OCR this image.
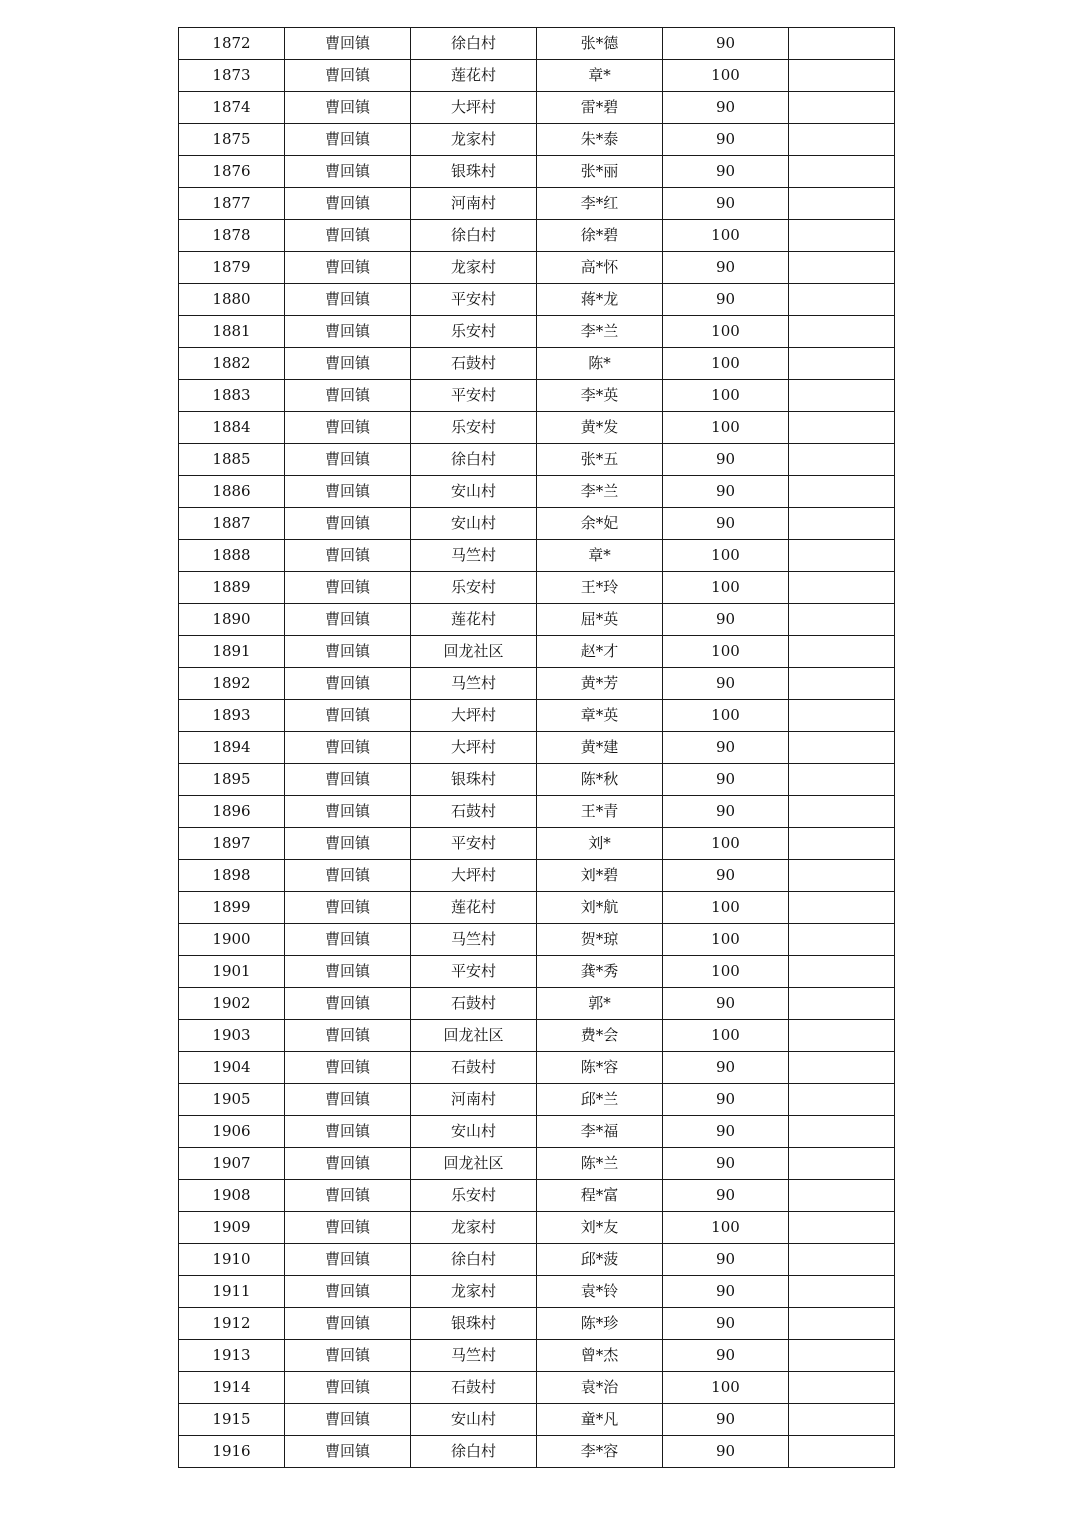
1872	曹回镇	徐白村	张*德	90	
1873	曹回镇	莲花村	章*	100	
1874	曹回镇	大坪村	雷*碧	90	
1875	曹回镇	龙家村	朱*泰	90	
1876	曹回镇	银珠村	张*丽	90	
1877	曹回镇	河南村	李*红	90	
1878	曹回镇	徐白村	徐*碧	100	
1879	曹回镇	龙家村	高*怀	90	
1880	曹回镇	平安村	蒋*龙	90	
1881	曹回镇	乐安村	李*兰	100	
1882	曹回镇	石鼓村	陈*	100	
1883	曹回镇	平安村	李*英	100	
1884	曹回镇	乐安村	黄*发	100	
1885	曹回镇	徐白村	张*五	90	
1886	曹回镇	安山村	李*兰	90	
1887	曹回镇	安山村	余*妃	90	
1888	曹回镇	马竺村	章*	100	
1889	曹回镇	乐安村	王*玲	100	
1890	曹回镇	莲花村	屈*英	90	
1891	曹回镇	回龙社区	赵*才	100	
1892	曹回镇	马竺村	黄*芳	90	
1893	曹回镇	大坪村	章*英	100	
1894	曹回镇	大坪村	黄*建	90	
1895	曹回镇	银珠村	陈*秋	90	
1896	曹回镇	石鼓村	王*青	90	
1897	曹回镇	平安村	刘*	100	
1898	曹回镇	大坪村	刘*碧	90	
1899	曹回镇	莲花村	刘*航	100	
1900	曹回镇	马竺村	贺*琼	100	
1901	曹回镇	平安村	龚*秀	100	
1902	曹回镇	石鼓村	郭*	90	
1903	曹回镇	回龙社区	费*会	100	
1904	曹回镇	石鼓村	陈*容	90	
1905	曹回镇	河南村	邱*兰	90	
1906	曹回镇	安山村	李*福	90	
1907	曹回镇	回龙社区	陈*兰	90	
1908	曹回镇	乐安村	程*富	90	
1909	曹回镇	龙家村	刘*友	100	
1910	曹回镇	徐白村	邱*菠	90	
1911	曹回镇	龙家村	袁*铃	90	
1912	曹回镇	银珠村	陈*珍	90	
1913	曹回镇	马竺村	曾*杰	90	
1914	曹回镇	石鼓村	袁*治	100	
1915	曹回镇	安山村	童*凡	90	
1916	曹回镇	徐白村	李*容	90	
